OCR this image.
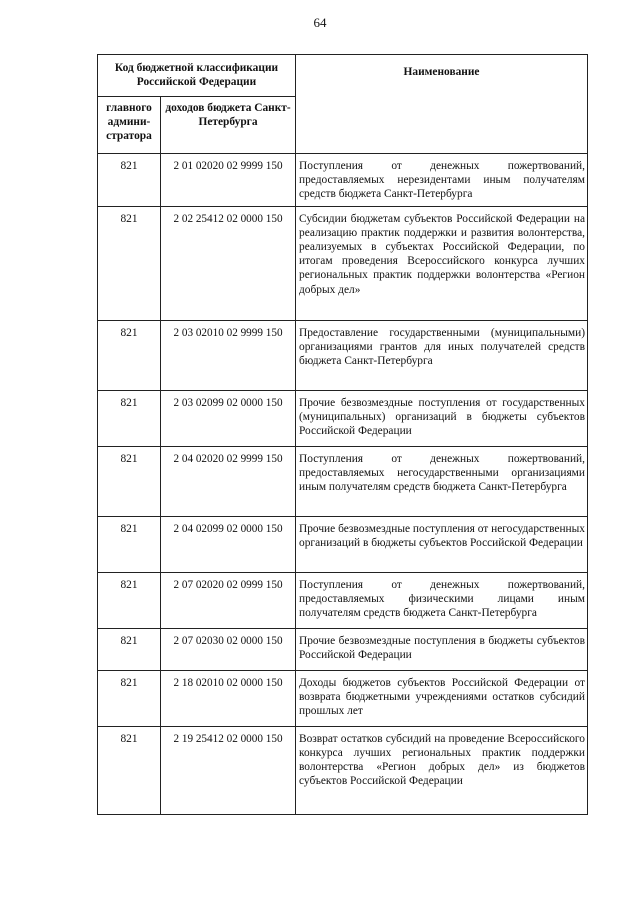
64
Код бюджетной классификации Российской Федерации		Наименование
главного админи-стратора	доходов бюджета Санкт-Петербурга	
821	2 01 02020 02 9999 150	Поступления от денежных пожертвований, предоставляемых нерезидентами иным получателям средств бюджета Санкт-Петербурга
821	2 02 25412 02 0000 150	Субсидии бюджетам субъектов Российской Федерации на реализацию практик поддержки и развития волонтерства, реализуемых в субъектах Российской Федерации, по итогам проведения Всероссийского конкурса лучших региональных практик поддержки волонтерства «Регион добрых дел»
821	2 03 02010 02 9999 150	Предоставление государственными (муниципальными) организациями грантов для иных получателей средств бюджета Санкт-Петербурга
821	2 03 02099 02 0000 150	Прочие безвозмездные поступления от государственных (муниципальных) организаций в бюджеты субъектов Российской Федерации
821	2 04 02020 02 9999 150	Поступления от денежных пожертвований, предоставляемых негосударственными организациями иным получателям средств бюджета Санкт-Петербурга
821	2 04 02099 02 0000 150	Прочие безвозмездные поступления от негосударственных организаций в бюджеты субъектов Российской Федерации
821	2 07 02020 02 0999 150	Поступления от денежных пожертвований, предоставляемых физическими лицами иным получателям средств бюджета Санкт-Петербурга
821	2 07 02030 02 0000 150	Прочие безвозмездные поступления в бюджеты субъектов Российской Федерации
821	2 18 02010 02 0000 150	Доходы бюджетов субъектов Российской Федерации от возврата бюджетными учреждениями остатков субсидий прошлых лет
821	2 19 25412 02 0000 150	Возврат остатков субсидий на проведение Всероссийского конкурса лучших региональных практик поддержки волонтерства «Регион добрых дел» из бюджетов субъектов Российской Федерации
